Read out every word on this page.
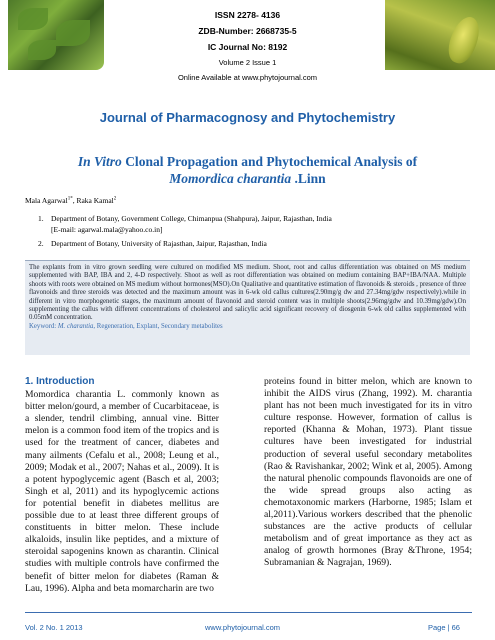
ISSN 2278- 4136
ZDB-Number: 2668735-5
IC Journal No: 8192
Volume 2 Issue 1
Online Available at www.phytojournal.com
Journal of Pharmacognosy and Phytochemistry
In Vitro Clonal Propagation and Phytochemical Analysis of
Momordica charantia .Linn
Mala Agarwal$^{1*}$, Raka Kamal$^2$
1. Department of Botany, Government College, Chimanpua (Shahpura), Jaipur, Rajasthan, India
[E-mail: agarwal.mala@yahoo.co.in]
2. Department of Botany, University of Rajasthan, Jaipur, Rajasthan, India
The explants from in vitro grown seedling were cultured on modified MS medium. Shoot, root and callus differentiation was obtained on MS medium supplemented with BAP, IBA and 2, 4-D respectively. Shoot as well as root differentiation was obtained on medium containing BAP+IBA/NAA. Multiple shoots with roots were obtained on MS medium without hormones(MSO).On Qualitative and quantitative estimation of flavonoids & steroids , presence of three flavonoids and three steroids was detected and the maximum amount was in 6-wk old callus cultures(2.90mg/g dw and 27.34mg/gdw respectively).while in different in vitro morphogenetic stages, the maximum amount of flavonoid and steroid content was in multiple shoots(2.96mg/gdw and 10.39mg/gdw).On supplementing the callus with different concentrations of cholesterol and salicylic acid significant recovery of diosgenin 6-wk old callus supplemented with 0.05mM concentration.
Keyword: M. charantia, Regeneration, Explant, Secondary metabolites
1. Introduction
Momordica charantia L. commonly known as bitter melon/gourd, a member of Cucarbitaceae, is a slender, tendril climbing, annual vine. Bitter melon is a common food item of the tropics and is used for the treatment of cancer, diabetes and many ailments (Cefalu et al., 2008; Leung et al., 2009; Modak et al., 2007; Nahas et al., 2009). It is a potent hypoglycemic agent (Basch et al, 2003; Singh et al, 2011) and its hypoglycemic actions for potential benefit in diabetes mellitus are possible due to at least three different groups of constituents in bitter melon. These include alkaloids, insulin like peptides, and a mixture of steroidal sapogenins known as charantin. Clinical studies with multiple controls have confirmed the benefit of bitter melon for diabetes (Raman & Lau, 1996). Alpha and beta momarcharin are two
proteins found in bitter melon, which are known to inhibit the AIDS virus (Zhang, 1992). M. charantia plant has not been much investigated for its in vitro culture response. However, formation of callus is reported (Khanna & Mohan, 1973). Plant tissue cultures have been investigated for industrial production of several useful secondary metabolites (Rao & Ravishankar, 2002; Wink et al, 2005). Among the natural phenolic compounds flavonoids are one of the wide spread groups also acting as chemotaxonomic markers (Harborne, 1985; Islam et al,2011).Various workers described that the phenolic substances are the active products of cellular metabolism and of great importance as they act as analog of growth hormones (Bray &Throne, 1954; Subramanian & Nagrajan, 1969).
Vol. 2 No. 1 2013	www.phytojournal.com	Page | 66
